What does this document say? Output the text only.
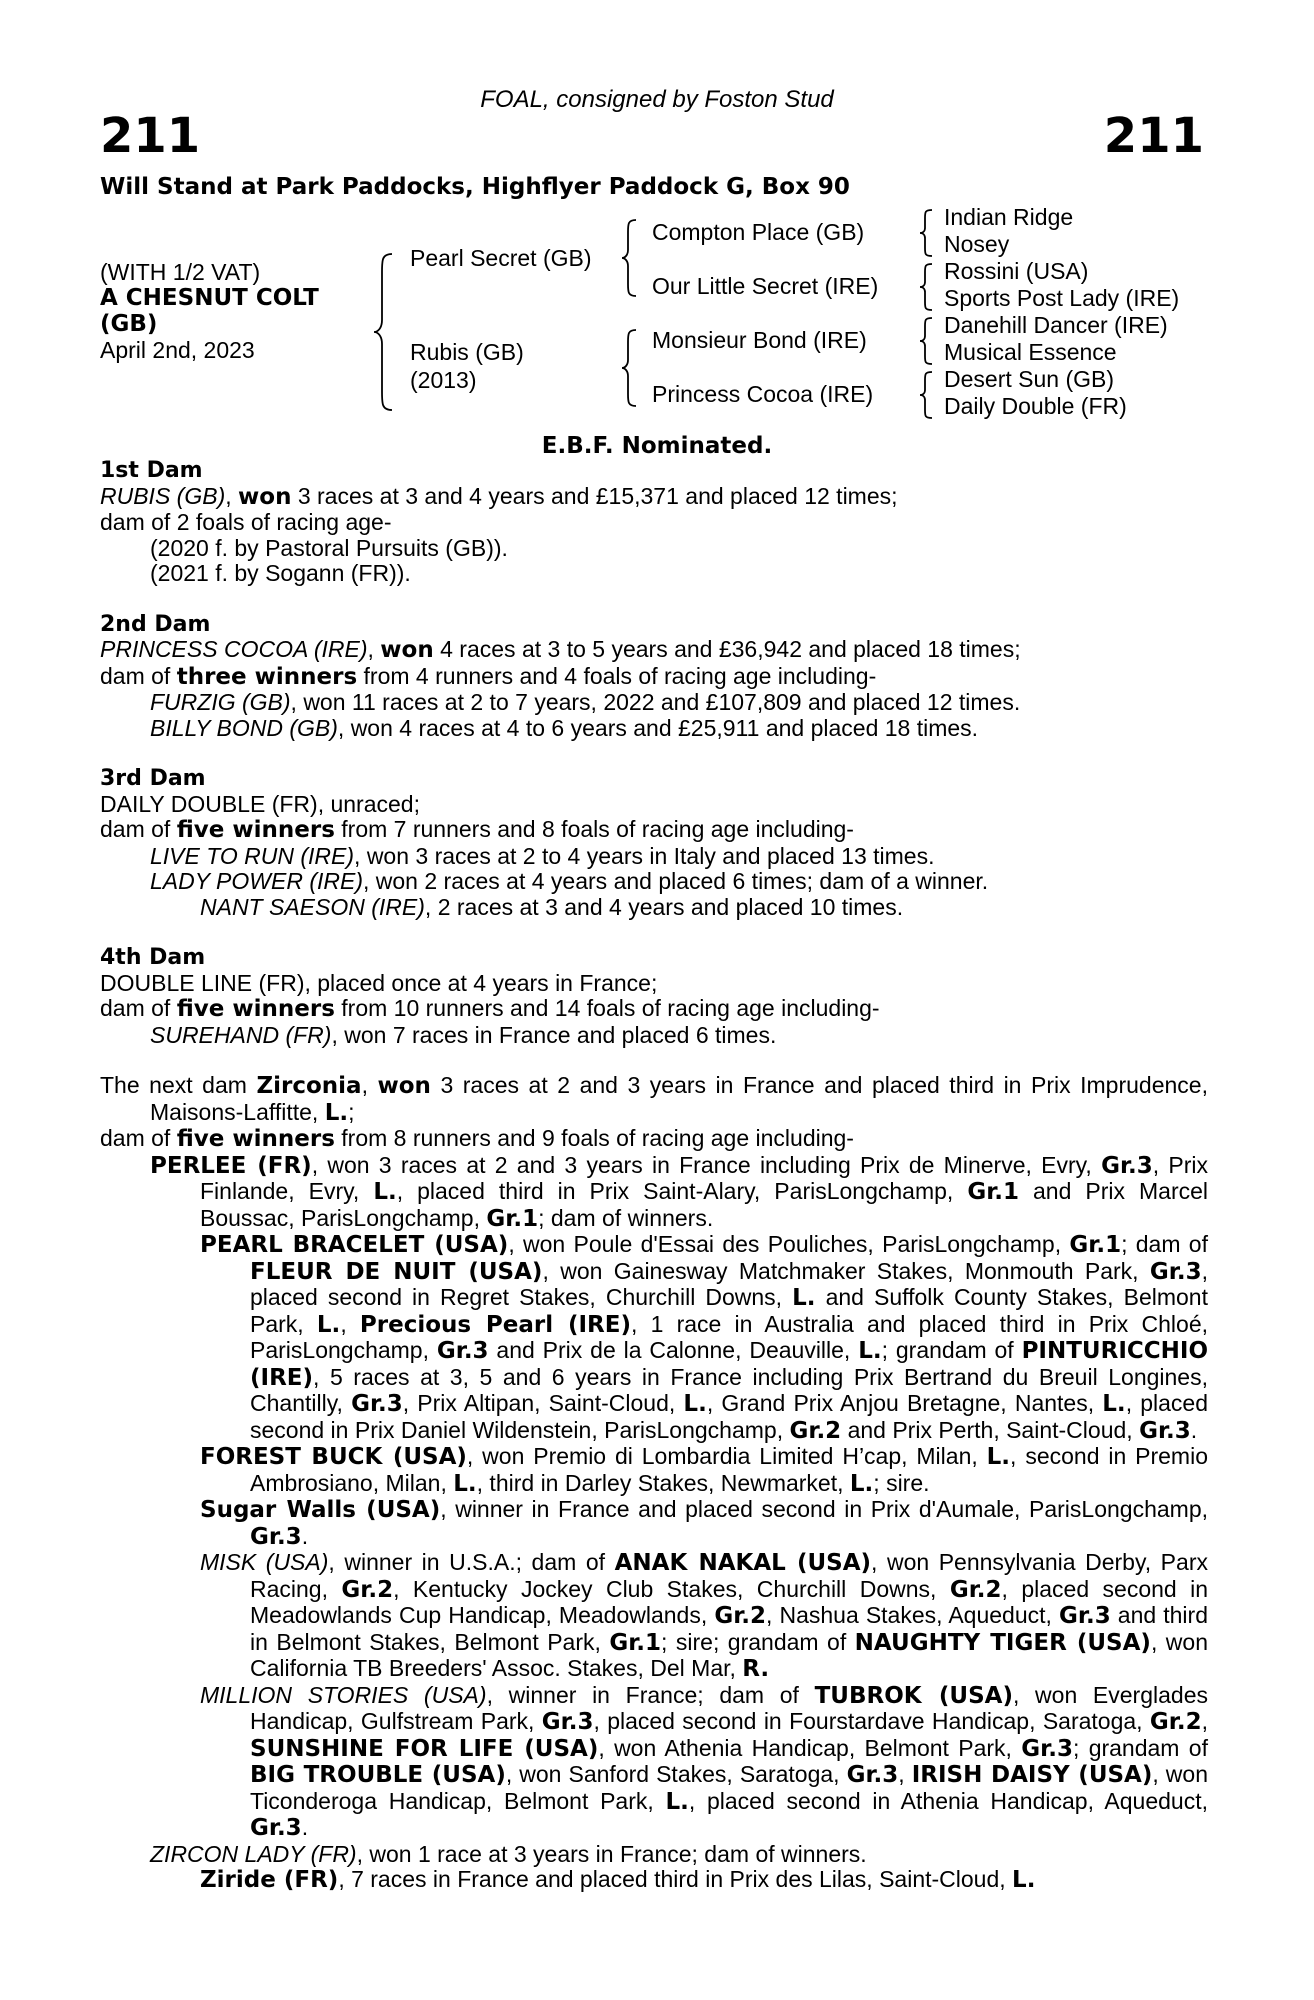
FOAL, consigned by Foston Stud
211	211
Will Stand at Park Paddocks, Highflyer Paddock G, Box 90
(WITH 1/2 VAT)
A CHESNUT COLT
(GB)
April 2nd, 2023
Pearl Secret (GB)
Rubis (GB)
(2013)
Compton Place (GB)
Our Little Secret (IRE)
Monsieur Bond (IRE)
Princess Cocoa (IRE)
Indian Ridge
Nosey
Rossini (USA)
Sports Post Lady (IRE)
Danehill Dancer (IRE)
Musical Essence
Desert Sun (GB)
Daily Double (FR)
E.B.F. Nominated.

1st Dam

RUBIS (GB), won 3 races at 3 and 4 years and £15,371 and placed 12 times;

dam of 2 foals of racing age-

(2020 f. by Pastoral Pursuits (GB)).

(2021 f. by Sogann (FR)).

2nd Dam

PRINCESS COCOA (IRE), won 4 races at 3 to 5 years and £36,942 and placed 18 times;

dam of three winners from 4 runners and 4 foals of racing age including-

FURZIG (GB), won 11 races at 2 to 7 years, 2022 and £107,809 and placed 12 times.

BILLY BOND (GB), won 4 races at 4 to 6 years and £25,911 and placed 18 times.

3rd Dam

DAILY DOUBLE (FR), unraced;

dam of five winners from 7 runners and 8 foals of racing age including-

LIVE TO RUN (IRE), won 3 races at 2 to 4 years in Italy and placed 13 times.

LADY POWER (IRE), won 2 races at 4 years and placed 6 times; dam of a winner.

NANT SAESON (IRE), 2 races at 3 and 4 years and placed 10 times.

4th Dam

DOUBLE LINE (FR), placed once at 4 years in France;

dam of five winners from 10 runners and 14 foals of racing age including-

SUREHAND (FR), won 7 races in France and placed 6 times.

The next dam Zirconia, won 3 races at 2 and 3 years in France and placed third in Prix Imprudence, Maisons-Laffitte, L.;

dam of five winners from 8 runners and 9 foals of racing age including-

PERLEE (FR), won 3 races at 2 and 3 years in France including Prix de Minerve, Evry, Gr.3, Prix Finlande, Evry, L., placed third in Prix Saint-Alary, ParisLongchamp, Gr.1 and Prix Marcel Boussac, ParisLongchamp, Gr.1; dam of winners.

PEARL BRACELET (USA), won Poule d'Essai des Pouliches, ParisLongchamp, Gr.1; dam of FLEUR DE NUIT (USA), won Gainesway Matchmaker Stakes, Monmouth Park, Gr.3, placed second in Regret Stakes, Churchill Downs, L. and Suffolk County Stakes, Belmont Park, L., Precious Pearl (IRE), 1 race in Australia and placed third in Prix Chloé, ParisLongchamp, Gr.3 and Prix de la Calonne, Deauville, L.; grandam of PINTURICCHIO (IRE), 5 races at 3, 5 and 6 years in France including Prix Bertrand du Breuil Longines, Chantilly, Gr.3, Prix Altipan, Saint-Cloud, L., Grand Prix Anjou Bretagne, Nantes, L., placed second in Prix Daniel Wildenstein, ParisLongchamp, Gr.2 and Prix Perth, Saint-Cloud, Gr.3.

FOREST BUCK (USA), won Premio di Lombardia Limited H’cap, Milan, L., second in Premio Ambrosiano, Milan, L., third in Darley Stakes, Newmarket, L.; sire.

Sugar Walls (USA), winner in France and placed second in Prix d'Aumale, ParisLongchamp, Gr.3.

MISK (USA), winner in U.S.A.; dam of ANAK NAKAL (USA), won Pennsylvania Derby, Parx Racing, Gr.2, Kentucky Jockey Club Stakes, Churchill Downs, Gr.2, placed second in Meadowlands Cup Handicap, Meadowlands, Gr.2, Nashua Stakes, Aqueduct, Gr.3 and third in Belmont Stakes, Belmont Park, Gr.1; sire; grandam of NAUGHTY TIGER (USA), won California TB Breeders' Assoc. Stakes, Del Mar, R.

MILLION STORIES (USA), winner in France; dam of TUBROK (USA), won Everglades Handicap, Gulfstream Park, Gr.3, placed second in Fourstardave Handicap, Saratoga, Gr.2, SUNSHINE FOR LIFE (USA), won Athenia Handicap, Belmont Park, Gr.3; grandam of BIG TROUBLE (USA), won Sanford Stakes, Saratoga, Gr.3, IRISH DAISY (USA), won Ticonderoga Handicap, Belmont Park, L., placed second in Athenia Handicap, Aqueduct, Gr.3.

ZIRCON LADY (FR), won 1 race at 3 years in France; dam of winners.

Ziride (FR), 7 races in France and placed third in Prix des Lilas, Saint-Cloud, L.
